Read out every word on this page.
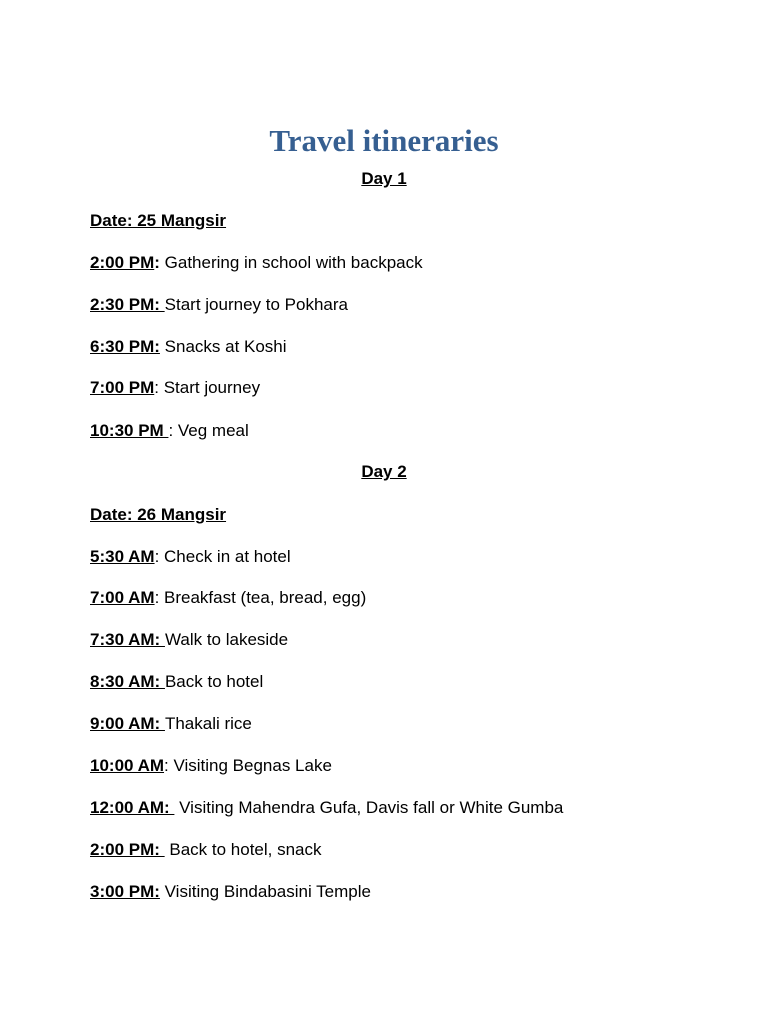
Travel itineraries
Day 1
Date: 25 Mangsir
2:00 PM: Gathering in school with backpack
2:30 PM: Start journey to Pokhara
6:30 PM: Snacks at Koshi
7:00 PM: Start journey
10:30 PM : Veg meal
Day 2
Date: 26 Mangsir
5:30 AM: Check in at hotel
7:00 AM: Breakfast (tea, bread, egg)
7:30 AM: Walk to lakeside
8:30 AM: Back to hotel
9:00 AM: Thakali rice
10:00 AM: Visiting Begnas Lake
12:00 AM:  Visiting Mahendra Gufa, Davis fall or White Gumba
2:00 PM:  Back to hotel, snack
3:00 PM: Visiting Bindabasini Temple
